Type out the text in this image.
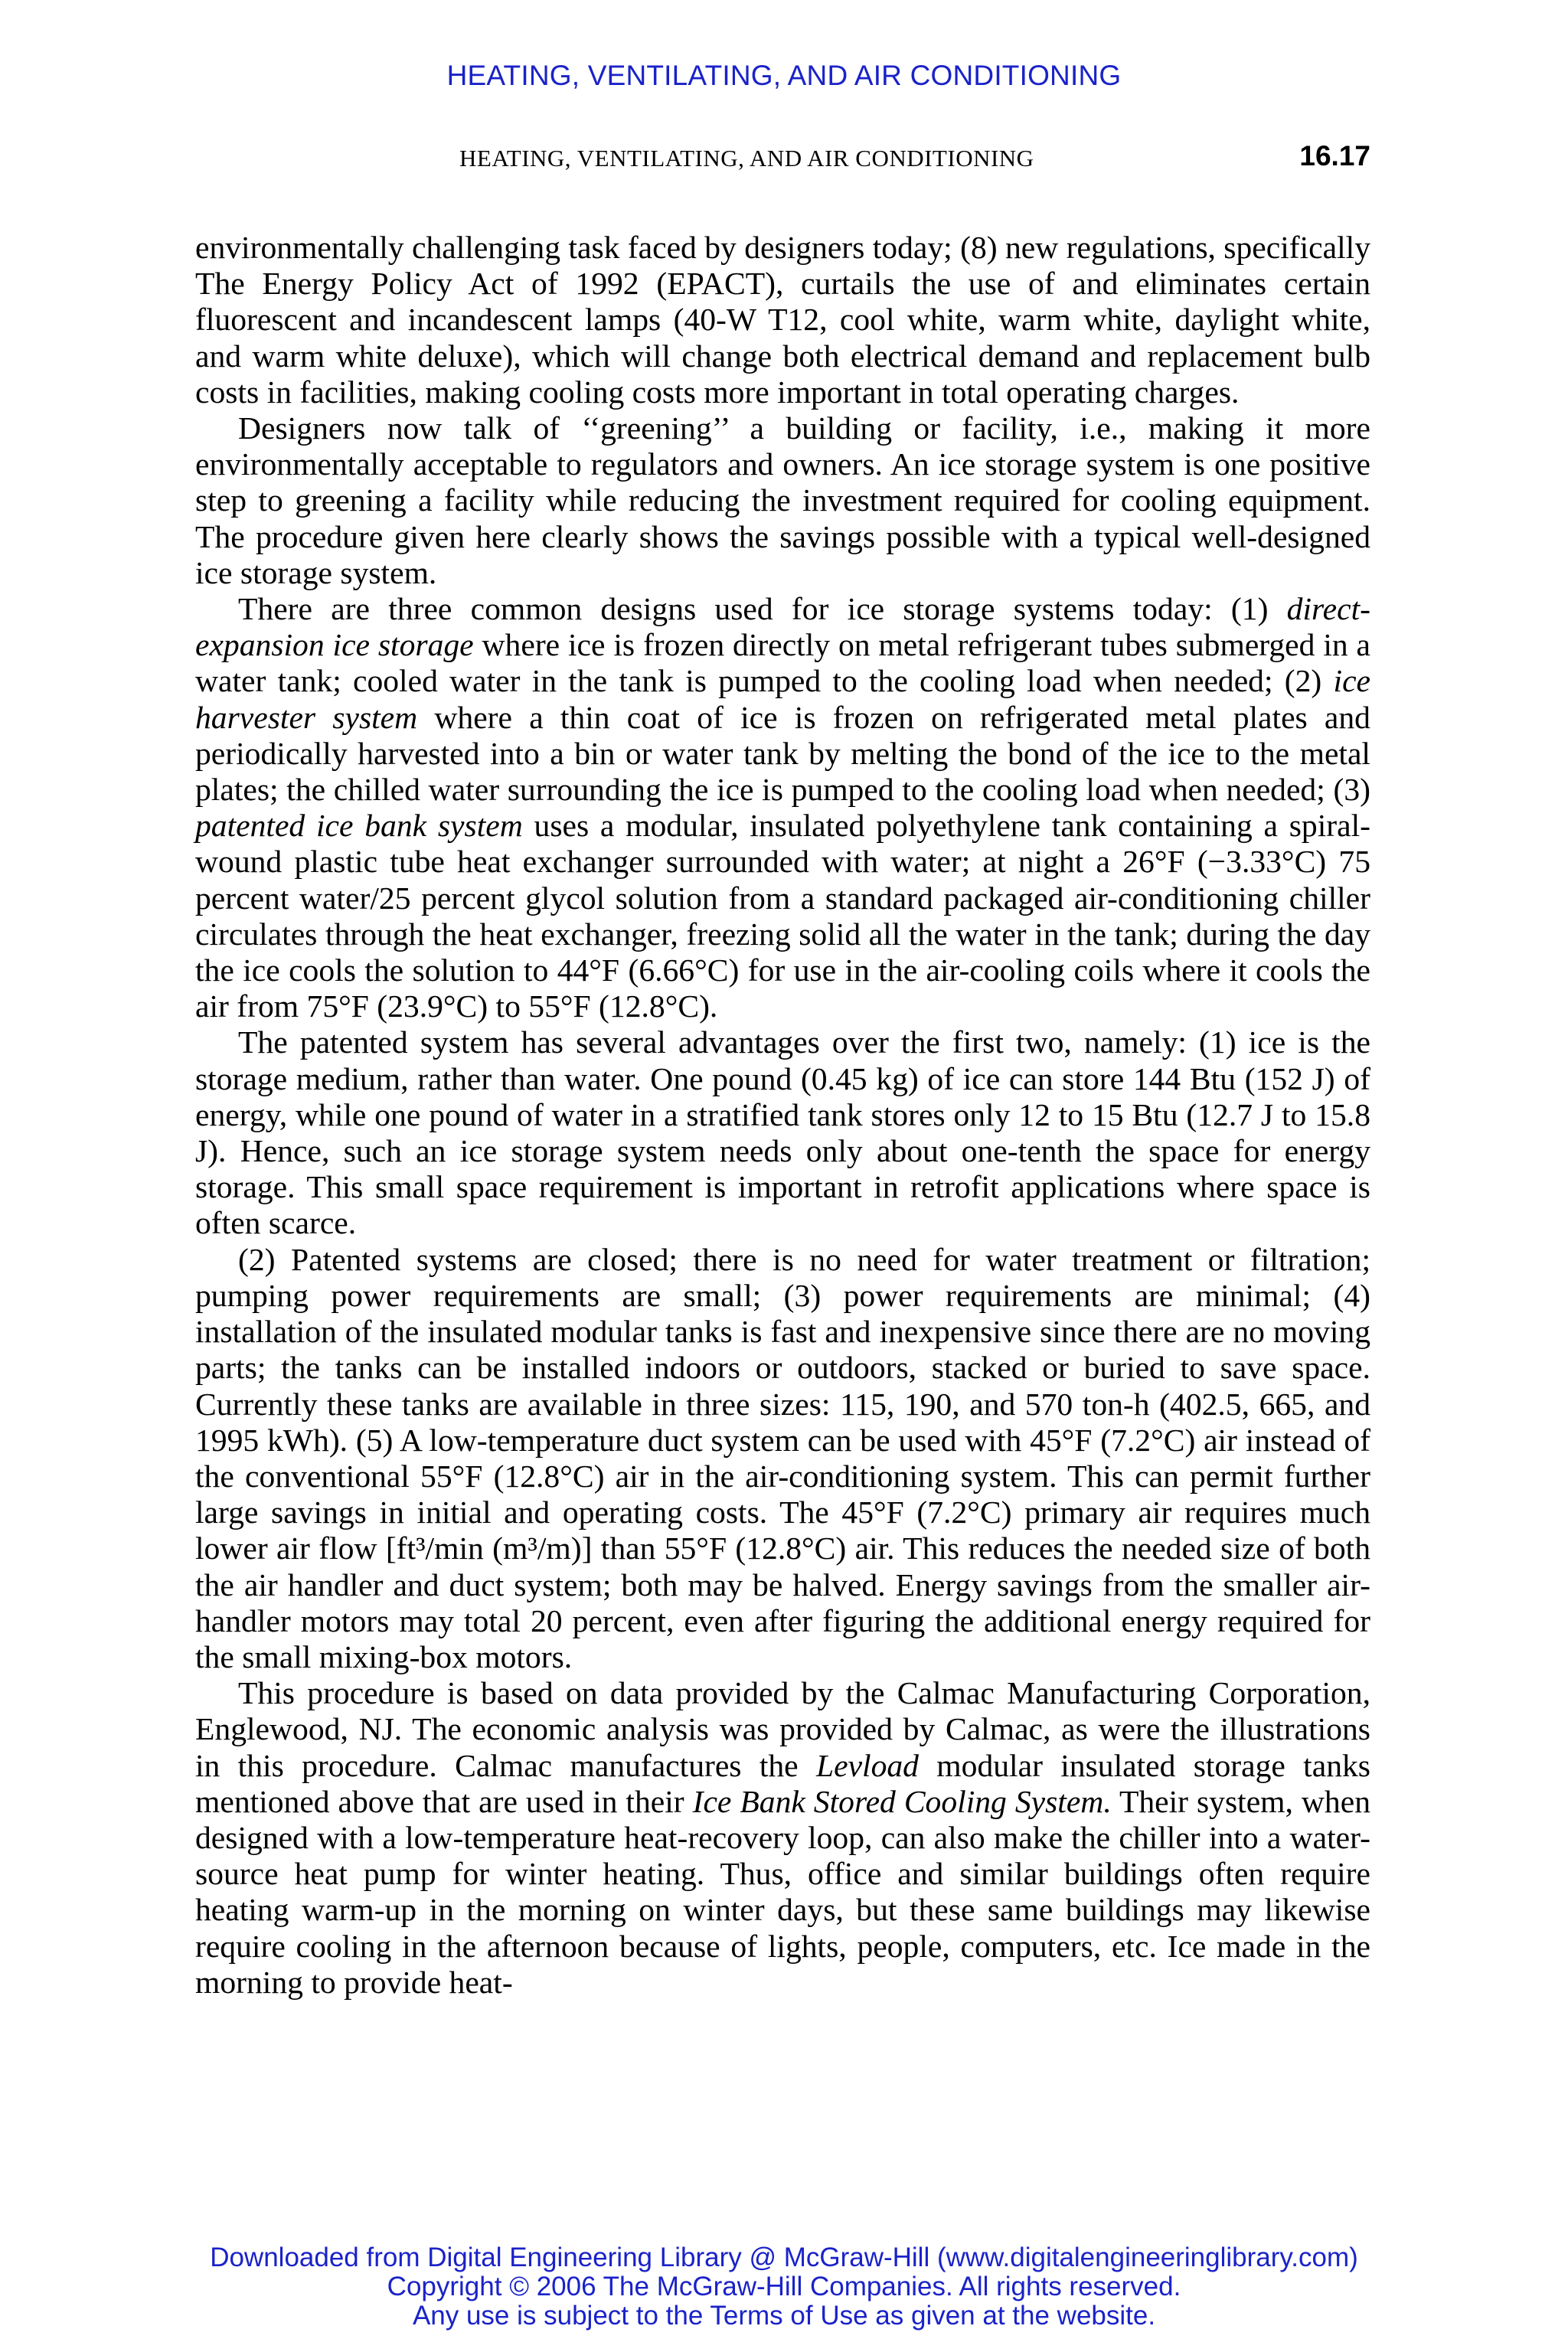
HEATING, VENTILATING, AND AIR CONDITIONING
HEATING, VENTILATING, AND AIR CONDITIONING	16.17

environmentally challenging task faced by designers today; (8) new regulations, specifically The Energy Policy Act of 1992 (EPACT), curtails the use of and eliminates certain fluorescent and incandescent lamps (40-W T12, cool white, warm white, daylight white, and warm white deluxe), which will change both electrical demand and replacement bulb costs in facilities, making cooling costs more important in total operating charges.

Designers now talk of ‘‘greening’’ a building or facility, i.e., making it more environmentally acceptable to regulators and owners. An ice storage system is one positive step to greening a facility while reducing the investment required for cooling equipment. The procedure given here clearly shows the savings possible with a typical well-designed ice storage system.

There are three common designs used for ice storage systems today: (1) direct-expansion ice storage where ice is frozen directly on metal refrigerant tubes submerged in a water tank; cooled water in the tank is pumped to the cooling load when needed; (2) ice harvester system where a thin coat of ice is frozen on refrigerated metal plates and periodically harvested into a bin or water tank by melting the bond of the ice to the metal plates; the chilled water surrounding the ice is pumped to the cooling load when needed; (3) patented ice bank system uses a modular, insulated polyethylene tank containing a spiral-wound plastic tube heat exchanger surrounded with water; at night a 26°F (−3.33°C) 75 percent water/25 percent glycol solution from a standard packaged air-conditioning chiller circulates through the heat exchanger, freezing solid all the water in the tank; during the day the ice cools the solution to 44°F (6.66°C) for use in the air-cooling coils where it cools the air from 75°F (23.9°C) to 55°F (12.8°C).

The patented system has several advantages over the first two, namely: (1) ice is the storage medium, rather than water. One pound (0.45 kg) of ice can store 144 Btu (152 J) of energy, while one pound of water in a stratified tank stores only 12 to 15 Btu (12.7 J to 15.8 J). Hence, such an ice storage system needs only about one-tenth the space for energy storage. This small space requirement is important in retrofit applications where space is often scarce.

(2) Patented systems are closed; there is no need for water treatment or filtration; pumping power requirements are small; (3) power requirements are minimal; (4) installation of the insulated modular tanks is fast and inexpensive since there are no moving parts; the tanks can be installed indoors or outdoors, stacked or buried to save space. Currently these tanks are available in three sizes: 115, 190, and 570 ton-h (402.5, 665, and 1995 kWh). (5) A low-temperature duct system can be used with 45°F (7.2°C) air instead of the conventional 55°F (12.8°C) air in the air-conditioning system. This can permit further large savings in initial and operating costs. The 45°F (7.2°C) primary air requires much lower air flow [ft³/min (m³/m)] than 55°F (12.8°C) air. This reduces the needed size of both the air handler and duct system; both may be halved. Energy savings from the smaller air-handler motors may total 20 percent, even after figuring the additional energy required for the small mixing-box motors.

This procedure is based on data provided by the Calmac Manufacturing Corporation, Englewood, NJ. The economic analysis was provided by Calmac, as were the illustrations in this procedure. Calmac manufactures the Levload modular insulated storage tanks mentioned above that are used in their Ice Bank Stored Cooling System. Their system, when designed with a low-temperature heat-recovery loop, can also make the chiller into a water-source heat pump for winter heating. Thus, office and similar buildings often require heating warm-up in the morning on winter days, but these same buildings may likewise require cooling in the afternoon because of lights, people, computers, etc. Ice made in the morning to provide heat-

Downloaded from Digital Engineering Library @ McGraw-Hill (www.digitalengineeringlibrary.com)
Copyright © 2006 The McGraw-Hill Companies. All rights reserved.
Any use is subject to the Terms of Use as given at the website.
